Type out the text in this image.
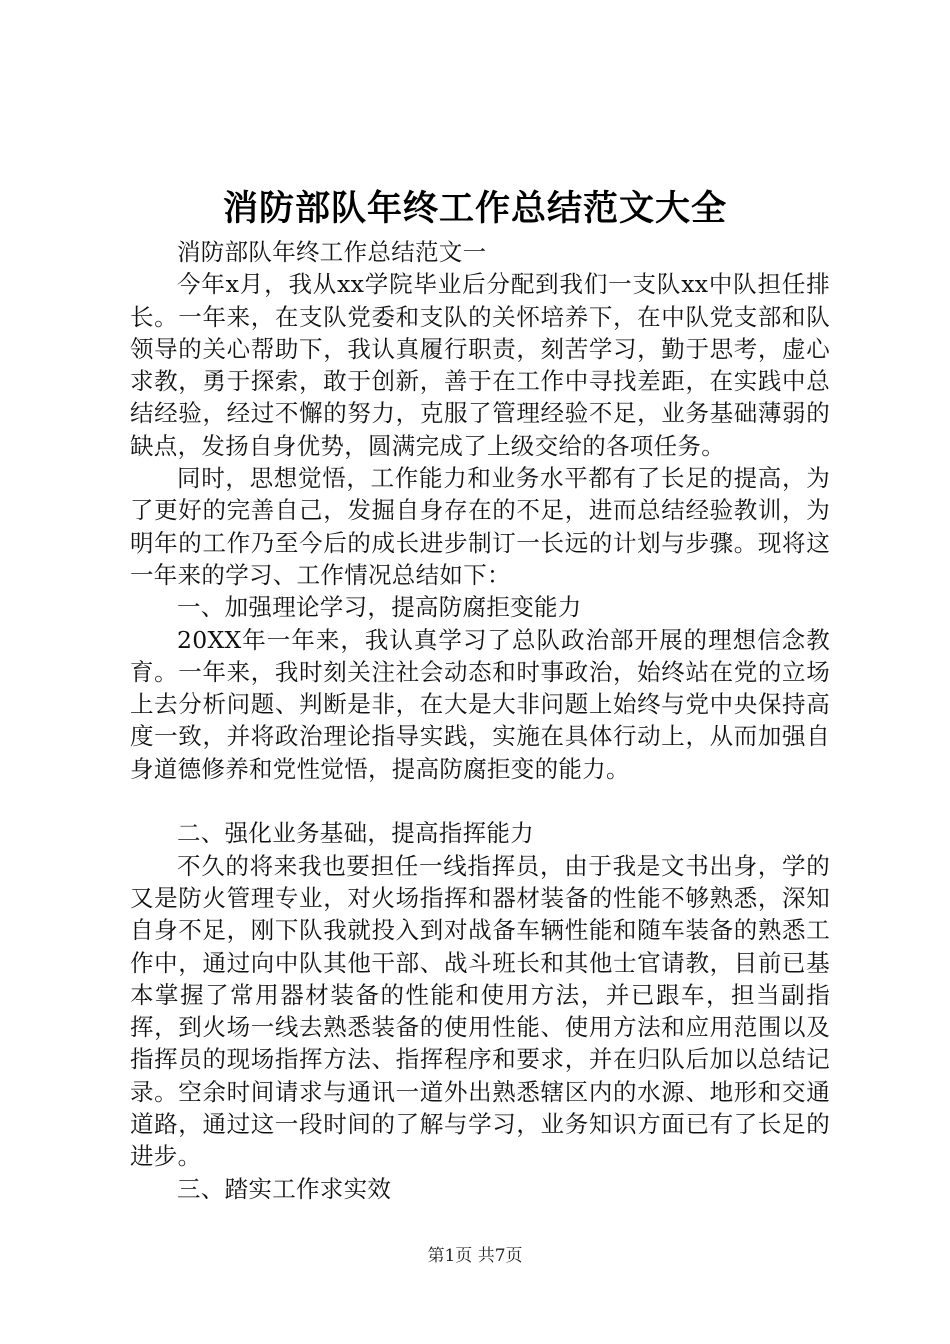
消防部队年终工作总结范文大全

消防部队年终工作总结范文一

今年x月，我从xx学院毕业后分配到我们一支队xx中队担任排长。一年来，在支队党委和支队的关怀培养下，在中队党支部和队领导的关心帮助下，我认真履行职责，刻苦学习，勤于思考，虚心求教，勇于探索，敢于创新，善于在工作中寻找差距，在实践中总结经验，经过不懈的努力，克服了管理经验不足，业务基础薄弱的缺点，发扬自身优势，圆满完成了上级交给的各项任务。

同时，思想觉悟，工作能力和业务水平都有了长足的提高，为了更好的完善自己，发掘自身存在的不足，进而总结经验教训，为明年的工作乃至今后的成长进步制订一长远的计划与步骤。现将这一年来的学习、工作情况总结如下：

一、加强理论学习，提高防腐拒变能力

20XX年一年来，我认真学习了总队政治部开展的理想信念教育。一年来，我时刻关注社会动态和时事政治，始终站在党的立场上去分析问题、判断是非，在大是大非问题上始终与党中央保持高度一致，并将政治理论指导实践，实施在具体行动上，从而加强自身道德修养和党性觉悟，提高防腐拒变的能力。

二、强化业务基础，提高指挥能力

不久的将来我也要担任一线指挥员，由于我是文书出身，学的又是防火管理专业，对火场指挥和器材装备的性能不够熟悉，深知自身不足，刚下队我就投入到对战备车辆性能和随车装备的熟悉工作中，通过向中队其他干部、战斗班长和其他士官请教，目前已基本掌握了常用器材装备的性能和使用方法，并已跟车，担当副指挥，到火场一线去熟悉装备的使用性能、使用方法和应用范围以及指挥员的现场指挥方法、指挥程序和要求，并在归队后加以总结记录。空余时间请求与通讯一道外出熟悉辖区内的水源、地形和交通道路，通过这一段时间的了解与学习，业务知识方面已有了长足的进步。

三、踏实工作求实效

第1页 共7页
